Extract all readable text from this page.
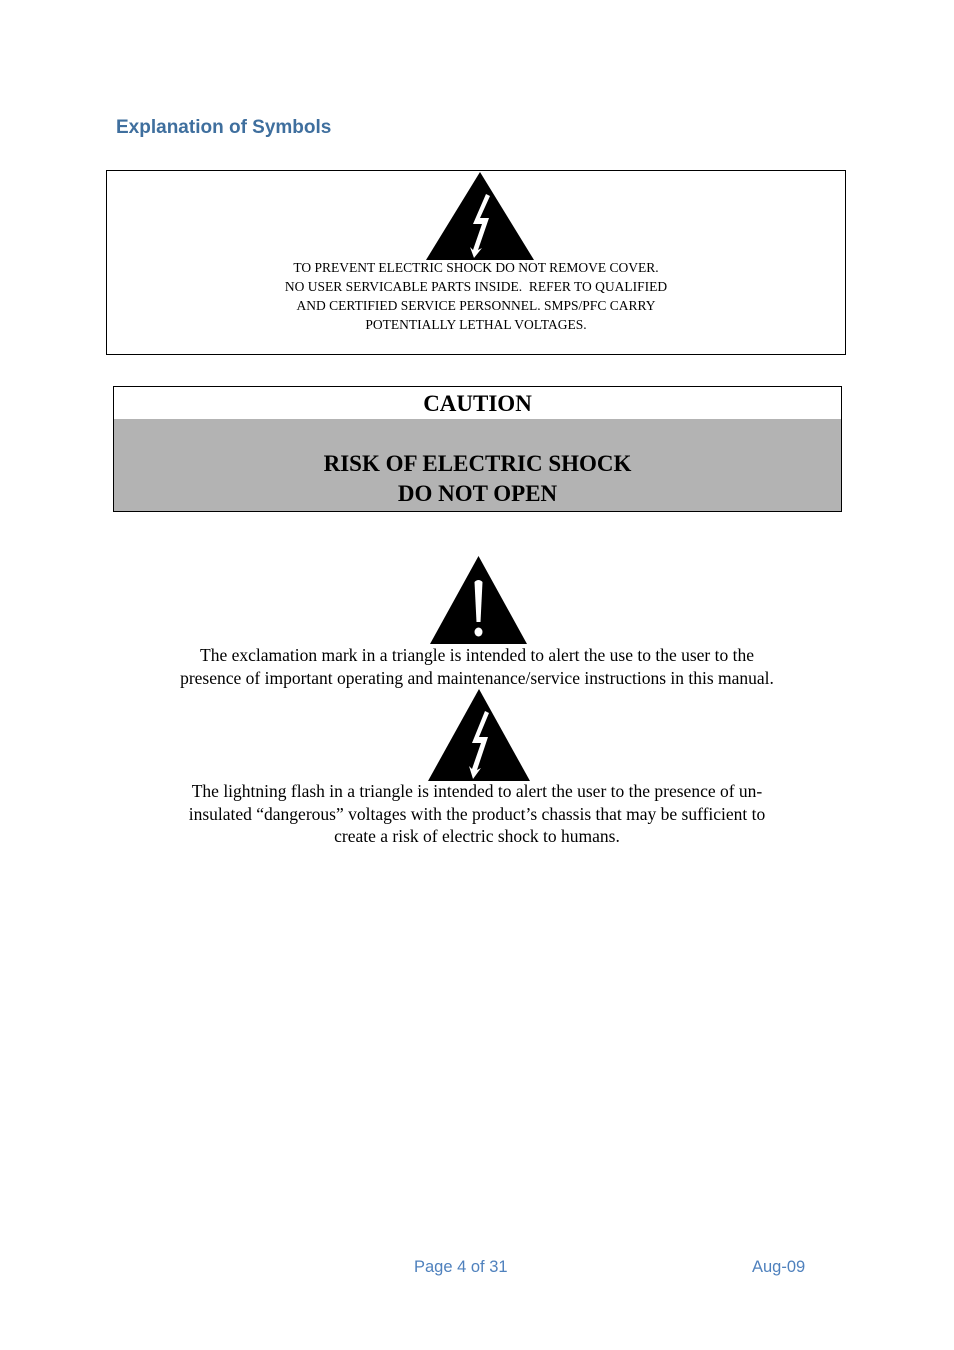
Explanation of Symbols
TO PREVENT ELECTRIC SHOCK DO NOT REMOVE COVER.
NO USER SERVICABLE PARTS INSIDE.  REFER TO QUALIFIED
AND CERTIFIED SERVICE PERSONNEL. SMPS/PFC CARRY
POTENTIALLY LETHAL VOLTAGES.
CAUTION
RISK OF ELECTRIC SHOCK
DO NOT OPEN
The exclamation mark in a triangle is intended to alert the use to the user to the
presence of important operating and maintenance/service instructions in this manual.
The lightning flash in a triangle is intended to alert the user to the presence of un-
insulated “dangerous” voltages with the product’s chassis that may be sufficient to
create a risk of electric shock to humans.
Page 4 of 31	Aug-09
